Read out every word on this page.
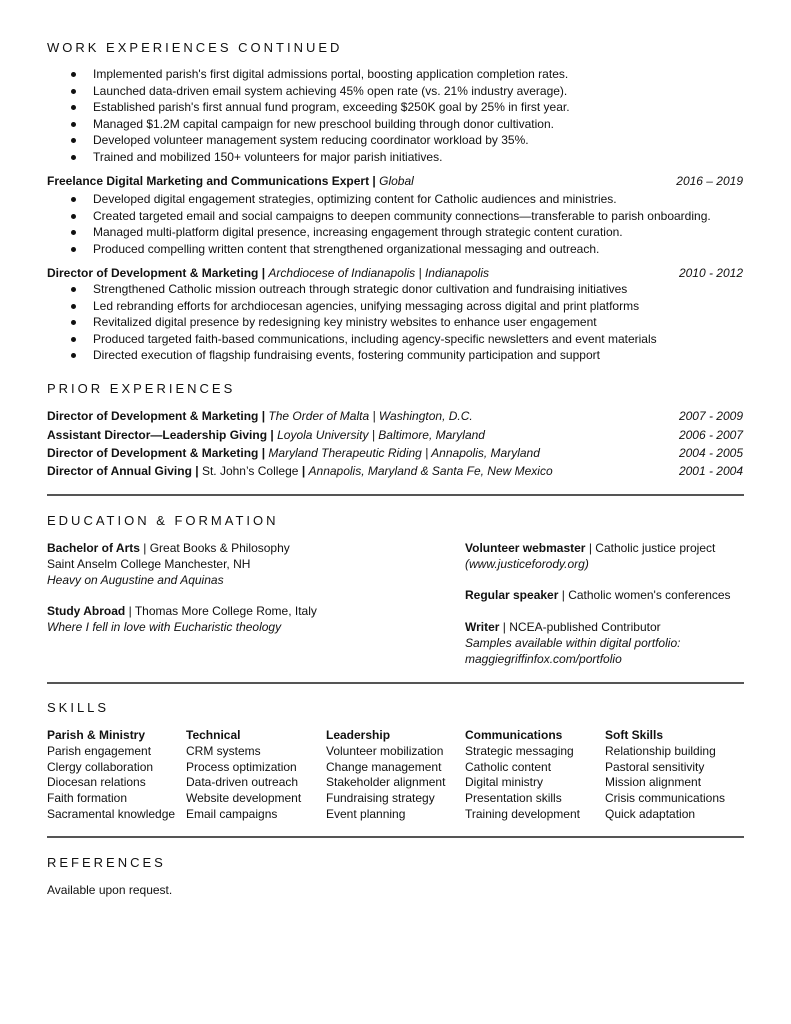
WORK EXPERIENCES CONTINUED
Implemented parish's first digital admissions portal, boosting application completion rates.
Launched data-driven email system achieving 45% open rate (vs. 21% industry average).
Established parish's first annual fund program, exceeding $250K goal by 25% in first year.
Managed $1.2M capital campaign for new preschool building through donor cultivation.
Developed volunteer management system reducing coordinator workload by 35%.
Trained and mobilized 150+ volunteers for major parish initiatives.
Freelance Digital Marketing and Communications Expert | Global	2016 – 2019
Developed digital engagement strategies, optimizing content for Catholic audiences and ministries.
Created targeted email and social campaigns to deepen community connections—transferable to parish onboarding.
Managed multi-platform digital presence, increasing engagement through strategic content curation.
Produced compelling written content that strengthened organizational messaging and outreach.
Director of Development & Marketing | Archdiocese of Indianapolis | Indianapolis	2010 - 2012
Strengthened Catholic mission outreach through strategic donor cultivation and fundraising initiatives
Led rebranding efforts for archdiocesan agencies, unifying messaging across digital and print platforms
Revitalized digital presence by redesigning key ministry websites to enhance user engagement
Produced targeted faith-based communications, including agency-specific newsletters and event materials
Directed execution of flagship fundraising events, fostering community participation and support
PRIOR EXPERIENCES
Director of Development & Marketing | The Order of Malta | Washington, D.C.	2007 - 2009
Assistant Director—Leadership Giving | Loyola University | Baltimore, Maryland	2006 - 2007
Director of Development & Marketing | Maryland Therapeutic Riding | Annapolis, Maryland	2004 - 2005
Director of Annual Giving | St. John’s College | Annapolis, Maryland & Santa Fe, New Mexico	2001 - 2004
EDUCATION & FORMATION
Bachelor of Arts | Great Books & Philosophy
Saint Anselm College Manchester, NH
Heavy on Augustine and Aquinas
Study Abroad | Thomas More College Rome, Italy
Where I fell in love with Eucharistic theology
Volunteer webmaster | Catholic justice project
(www.justiceforody.org)
Regular speaker | Catholic women's conferences
Writer | NCEA-published Contributor
Samples available within digital portfolio:
maggiegriffinfox.com/portfolio
SKILLS
Parish & Ministry
Parish engagement
Clergy collaboration
Diocesan relations
Faith formation
Sacramental knowledge
Technical
CRM systems
Process optimization
Data-driven outreach
Website development
Email campaigns
Leadership
Volunteer mobilization
Change management
Stakeholder alignment
Fundraising strategy
Event planning
Communications
Strategic messaging
Catholic content
Digital ministry
Presentation skills
Training development
Soft Skills
Relationship building
Pastoral sensitivity
Mission alignment
Crisis communications
Quick adaptation
REFERENCES
Available upon request.
